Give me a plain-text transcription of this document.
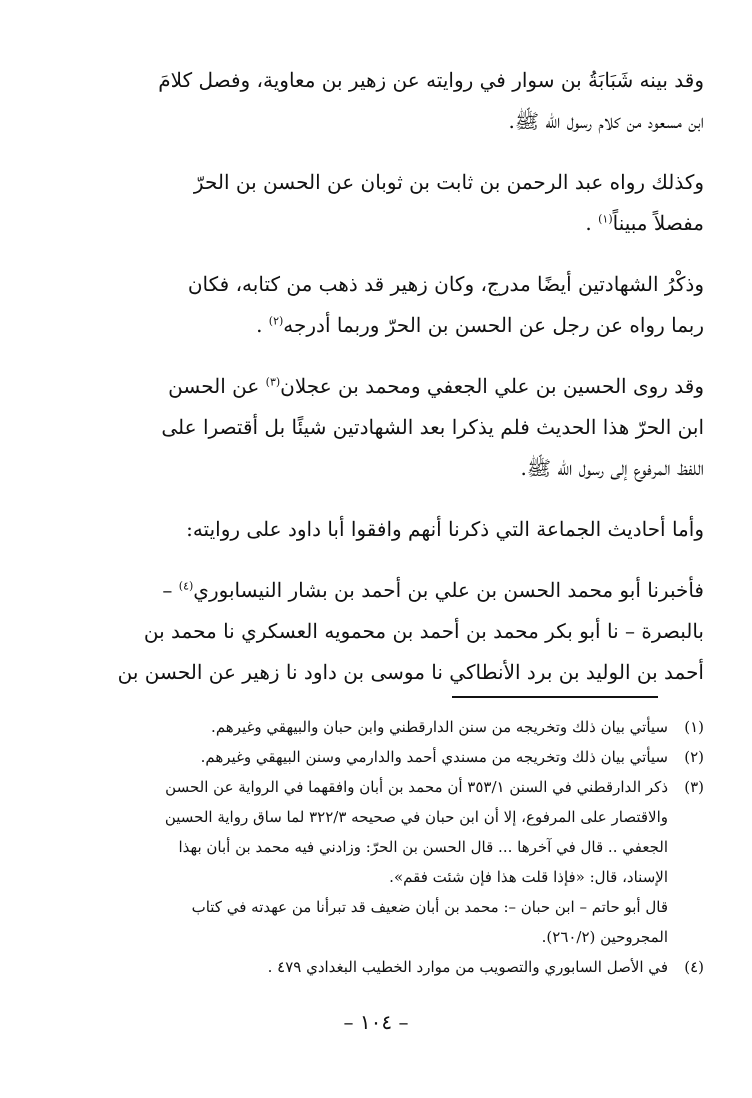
وقد بينه شَبَابَةُ بن سوار في روايته عن زهير بن معاوية، وفصل كلامَ
ابن مسعود من كلام رسول الله ﷺ.

وكذلك رواه عبد الرحمن بن ثابت بن ثوبان عن الحسن بن الحرّ
مفصلاً مبيناً$^{(١)}$ .

وذكْرُ الشهادتين أيضًا مدرج، وكان زهير قد ذهب من كتابه، فكان
ربما رواه عن رجل عن الحسن بن الحرّ وربما أدرجه$^{(٢)}$ .

وقد روى الحسين بن علي الجعفي ومحمد بن عجلان$^{(٣)}$ عن الحسن
ابن الحرّ هذا الحديث فلم يذكرا بعد الشهادتين شيئًا بل أقتصرا على
اللفظ المرفوع إلى رسول الله ﷺ.

وأما أحاديث الجماعة التي ذكرنا أنهم وافقوا أبا داود على روايته:

فأخبرنا أبو محمد الحسن بن علي بن أحمد بن بشار النيسابوري$^{(٤)}$ –
بالبصرة – نا أبو بكر محمد بن أحمد بن محمويه العسكري نا محمد بن
أحمد بن الوليد بن برد الأنطاكي نا موسى بن داود نا زهير عن الحسن بن

(١)سيأتي بيان ذلك وتخريجه من سنن الدارقطني وابن حبان والبيهقي وغيرهم.
(٢)سيأتي بيان ذلك وتخريجه من مسندي أحمد والدارمي وسنن البيهقي وغيرهم.
(٣)ذكر الدارقطني في السنن ٣٥٣/١ أن محمد بن أبان وافقهما في الرواية عن الحسن
والاقتصار على المرفوع، إلا أن ابن حبان في صحيحه ٣٢٢/٣ لما ساق رواية الحسين
الجعفي .. قال في آخرها ... قال الحسن بن الحرّ: وزادني فيه محمد بن أبان بهذا
الإسناد، قال: «فإذا قلت هذا فإن شئت فقم».
قال أبو حاتم – ابن حبان –: محمد بن أبان ضعيف قد تبرأنا من عهدته في كتاب
المجروحين (٢٦٠/٢).
(٤)في الأصل السابوري والتصويب من موارد الخطيب البغدادي ٤٧٩ .
– ١٠٤ –
